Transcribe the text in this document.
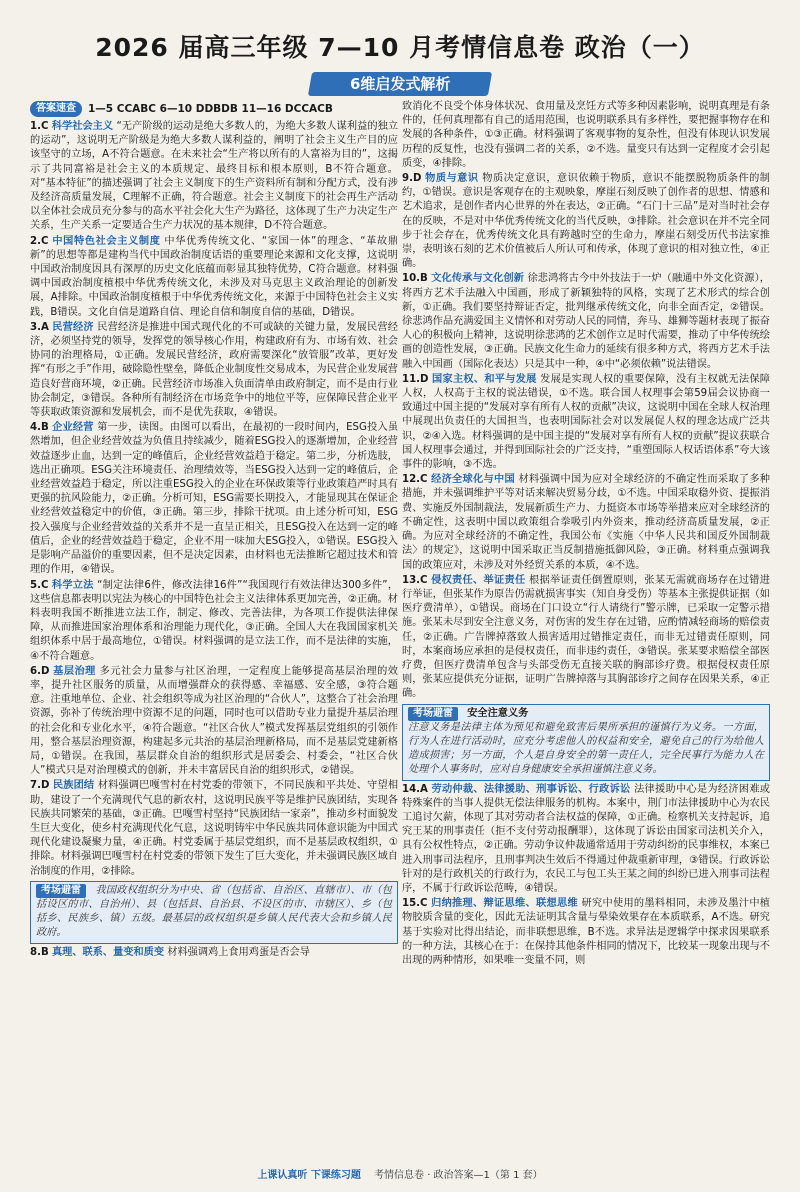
2026 届高三年级 7—10 月考情信息卷 政治（一）
6维启发式解析
答案速查	1—5 CCABC 6—10 DDBDB 11—16 DCCACB

1.C 科学社会主义 “无产阶级的运动是绝大多数人的，为绝大多数人谋利益的独立的运动”，这说明无产阶级是为绝大多数人谋利益的，阐明了社会主义生产目的应该坚守的立场，A不符合题意。在未来社会“生产将以所有的人富裕为目的”，这揭示了共同富裕是社会主义的本质规定、最终目标和根本原则，B不符合题意。对“基本特征”的描述强调了社会主义制度下的生产资料所有制和分配方式，没有涉及经济高质量发展，C理解不正确，符合题意。社会主义制度下的社会再生产活动以全体社会成员充分参与的高水平社会化大生产为路径，这体现了生产力决定生产关系，生产关系一定要适合生产力状况的基本规律，D不符合题意。

2.C 中国特色社会主义制度 中华优秀传统文化、“家国一体”的理念、“革故鼎新”的思想等都是建构当代中国政治制度话语的重要理论来源和文化支撑，这说明中国政治制度因具有深厚的历史文化底蕴而彰显其独特优势，C符合题意。材料强调中国政治制度植根中华优秀传统文化，未涉及对马克思主义政治理论的创新发展，A排除。中国政治制度植根于中华优秀传统文化，来源于中国特色社会主义实践，B错误。文化自信是道路自信、理论自信和制度自信的基础，D错误。

3.A 民营经济 民营经济是推进中国式现代化的不可或缺的关键力量，发展民营经济，必须坚持党的领导，发挥党的领导核心作用，构建政府有为、市场有效、社会协同的治理格局，①正确。发展民营经济，政府需要深化“放管服”改革，更好发挥“有形之手”作用，破除隐性壁垒，降低企业制度性交易成本，为民营企业发展营造良好营商环境，②正确。民营经济市场准入负面清单由政府制定，而不是由行业协会制定，③错误。各种所有制经济在市场竞争中的地位平等，应保障民营企业平等获取政策资源和发展机会，而不是优先获取，④错误。

4.B 企业经营 第一步，读图。由图可以看出，在最初的一段时间内，ESG投入虽然增加，但企业经营效益为负值且持续减少，随着ESG投入的逐渐增加，企业经营效益逐步止血，达到一定的峰值后，企业经营效益趋于稳定。第二步，分析选肢，选出正确项。ESG关注环境责任、治理绩效等，当ESG投入达到一定的峰值后，企业经营效益趋于稳定，所以注重ESG投入的企业在环保政策等行业政策趋严时具有更强的抗风险能力，②正确。分析可知，ESG需要长期投入，才能显现其在保证企业经营效益稳定中的价值，③正确。第三步，排除干扰项。由上述分析可知，ESG投入强度与企业经营效益的关系并不是一直呈正相关，且ESG投入在达到一定的峰值后，企业的经营效益趋于稳定，企业不用一味加大ESG投入，①错误。ESG投入是影响产品溢价的重要因素，但不是决定因素，由材料也无法推断它超过技术和管理的作用，④错误。

5.C 科学立法 “制定法律6件，修改法律16件”“我国现行有效法律达300多件”，这些信息都表明以宪法为核心的中国特色社会主义法律体系更加完善，②正确。材料表明我国不断推进立法工作，制定、修改、完善法律，为各项工作提供法律保障，从而推进国家治理体系和治理能力现代化，③正确。全国人大在我国国家机关组织体系中居于最高地位，①错误。材料强调的是立法工作，而不是法律的实施，④不符合题意。

6.D 基层治理 多元社会力量参与社区治理，一定程度上能够提高基层治理的效率，提升社区服务的质量，从而增强群众的获得感、幸福感、安全感，③符合题意。注重地单位、企业、社会组织等成为社区治理的“合伙人”，这整合了社会治理资源，弥补了传统治理中资源不足的问题，同时也可以借助专业力量提升基层治理的社会化和专业化水平，④符合题意。“社区合伙人”模式发挥基层党组织的引领作用，整合基层治理资源，构建起多元共治的基层治理新格局，而不是基层党建新格局，①错误。在我国，基层群众自治的组织形式是居委会、村委会，“社区合伙人”模式只是对治理模式的创新，并未丰富居民自治的组织形式，②错误。

7.D 民族团结 材料强调巴嘎雪村在村党委的带领下，不同民族和平共处、守望相助，建设了一个充满现代气息的新农村，这说明民族平等是维护民族团结，实现各民族共同繁荣的基础，③正确。巴嘎雪村坚持“民族团结一家亲”，推动乡村面貌发生巨大变化，使乡村充满现代化气息，这说明铸牢中华民族共同体意识能为中国式现代化建设凝聚力量，④正确。村党委属于基层党组织，而不是基层政权组织，①排除。材料强调巴嘎雪村在村党委的带领下发生了巨大变化，并未强调民族区域自治制度的作用，②排除。

考场避雷 我国政权组织分为中央、省（包括省、自治区、直辖市）、市（包括设区的市、自治州）、县（包括县、自治县、不设区的市、市辖区）、乡（包括乡、民族乡、镇）五级。最基层的政权组织是乡镇人民代表大会和乡镇人民政府。

8.B 真理、联系、量变和质变 材料强调鸡上食用鸡蛋是否会导

致消化不良受个体身体状况、食用量及烹饪方式等多种因素影响，说明真理是有条件的，任何真理都有自己的适用范围，也说明联系具有多样性，要把握事物存在和发展的各种条件，①③正确。材料强调了客观事物的复杂性，但没有体现认识发展历程的反复性，也没有强调二者的关系，②不选。量变只有达到一定程度才会引起质变，④排除。

9.D 物质与意识 物质决定意识，意识依赖于物质，意识不能摆脱物质条件的制约，①错误。意识是客观存在的主观映象，摩崖石刻反映了创作者的思想、情感和艺术追求，是创作者内心世界的外在表达，②正确。“石门十三品”是对当时社会存在的反映，不是对中华优秀传统文化的当代反映，③排除。社会意识在并不完全同步于社会存在，优秀传统文化具有跨越时空的生命力，摩崖石刻受历代书法家推崇，表明该石刻的艺术价值被后人所认可和传承，体现了意识的相对独立性，④正确。

10.B 文化传承与文化创新 徐悲鸿将古今中外技法于一炉（融通中外文化资源），将西方艺术手法融入中国画，形成了新颖独特的风格，实现了艺术形式的综合创新，①正确。我们要坚持辩证否定，批判继承传统文化，向非全面否定，②错误。徐悲鸿作品充满爱国主义情怀和对劳动人民的同情，奔马、雄狮等题材表现了振奋人心的积极向上精神，这说明徐悲鸿的艺术创作立足时代需要，推动了中华传统绘画的创造性发展，③正确。民族文化生命力的延续有很多种方式，将西方艺术手法融入中国画（国际化表达）只是其中一种，④中“必须依赖”说法错误。

11.D 国家主权、和平与发展 发展是实现人权的重要保障，没有主权就无法保障人权，人权高于主权的说法错误，①不选。联合国人权理事会第59届会议协商一致通过中国主提的“发展对享有所有人权的贡献”决议，这说明中国在全球人权治理中展现出负责任的大国担当，也表明国际社会对以发展促人权的理念达成广泛共识，②④入选。材料强调的是中国主提的“发展对享有所有人权的贡献”提议获联合国人权理事会通过，并得到国际社会的广泛支持，“重塑国际人权话语体系”夸大该事件的影响，③不选。

12.C 经济全球化与中国 材料强调中国为应对全球经济的不确定性而采取了多种措施，并未强调维护平等对话来解决贸易分歧，①不选。中国采取稳外资、提振消费、实施反外国制裁法，发展新质生产力、力挺资本市场等举措来应对全球经济的不确定性，这表明中国以政策组合拳吸引内外资来，推动经济高质量发展，②正确。为应对全球经济的不确定性，我国公布《实施〈中华人民共和国反外国制裁法〉的规定》，这说明中国采取正当反制措施抵御风险，③正确。材料重点强调我国的政策应对，未涉及对外经贸关系的本质，④不选。

13.C 侵权责任、举证责任 根据举证责任倒置原则，张某无需就商场存在过错进行举证，但张某作为原告仍需就损害事实（知自身受伤）等基本主张提供证据（如医疗费清单），①错误。商场在门口设立“行人请绕行”警示牌，已采取一定警示措施。张某未尽到安全注意义务，对伤害的发生存在过错，应酌情减轻商场的赔偿责任，②正确。广告牌掉落致人损害适用过错推定责任，而非无过错责任原则，同时，本案商场应承担的是侵权责任，而非违约责任，③错误。张某要求赔偿全部医疗费，但医疗费清单包含与头部受伤无直接关联的胸部诊疗费。根据侵权责任原则，张某应提供充分证据，证明广告牌掉落与其胸部诊疗之间存在因果关系，④正确。

考场避雷 安全注意义务
注意义务是法律主体为预见和避免致害后果所承担的谨慎行为义务。一方面，行为人在进行活动时，应充分考虑他人的权益和安全，避免自己的行为给他人造成损害；另一方面，个人是自身安全的第一责任人，完全民事行为能力人在处理个人事务时，应对自身健康安全承担谨慎注意义务。

14.A 劳动仲裁、法律援助、刑事诉讼、行政诉讼 法律援助中心是为经济困难或特殊案件的当事人提供无偿法律服务的机构。本案中，荆门市法律援助中心为农民工追讨欠薪，体现了其对劳动者合法权益的保障，①正确。检察机关支持起诉，追究王某的刑事责任（拒不支付劳动报酬罪），这体现了诉讼由国家司法机关介入，具有公权性特点，②正确。劳动争议仲裁通常适用于劳动纠纷的民事维权，本案已进入刑事司法程序，且刑事判决生效后不得通过仲裁重新审理，③错误。行政诉讼针对的是行政机关的行政行为，农民工与包工头王某之间的纠纷已进入刑事司法程序，不属于行政诉讼范畴，④错误。

15.C 归纳推理、辩证思维、联想思维 研究中使用的墨料相同，未涉及墨汁中植物胶质含量的变化，因此无法证明其含量与晕染效果存在本质联系，A不选。研究基于实验对比得出结论，而非联想思维，B不选。求异法是逻辑学中探求因果联系的一种方法，其核心在于：在保持其他条件相同的情况下，比较某一现象出现与不出现的两种情形，如果唯一变量不同，则

上课认真听 下课练习题 考情信息卷 · 政治答案—1（第 1 套）
